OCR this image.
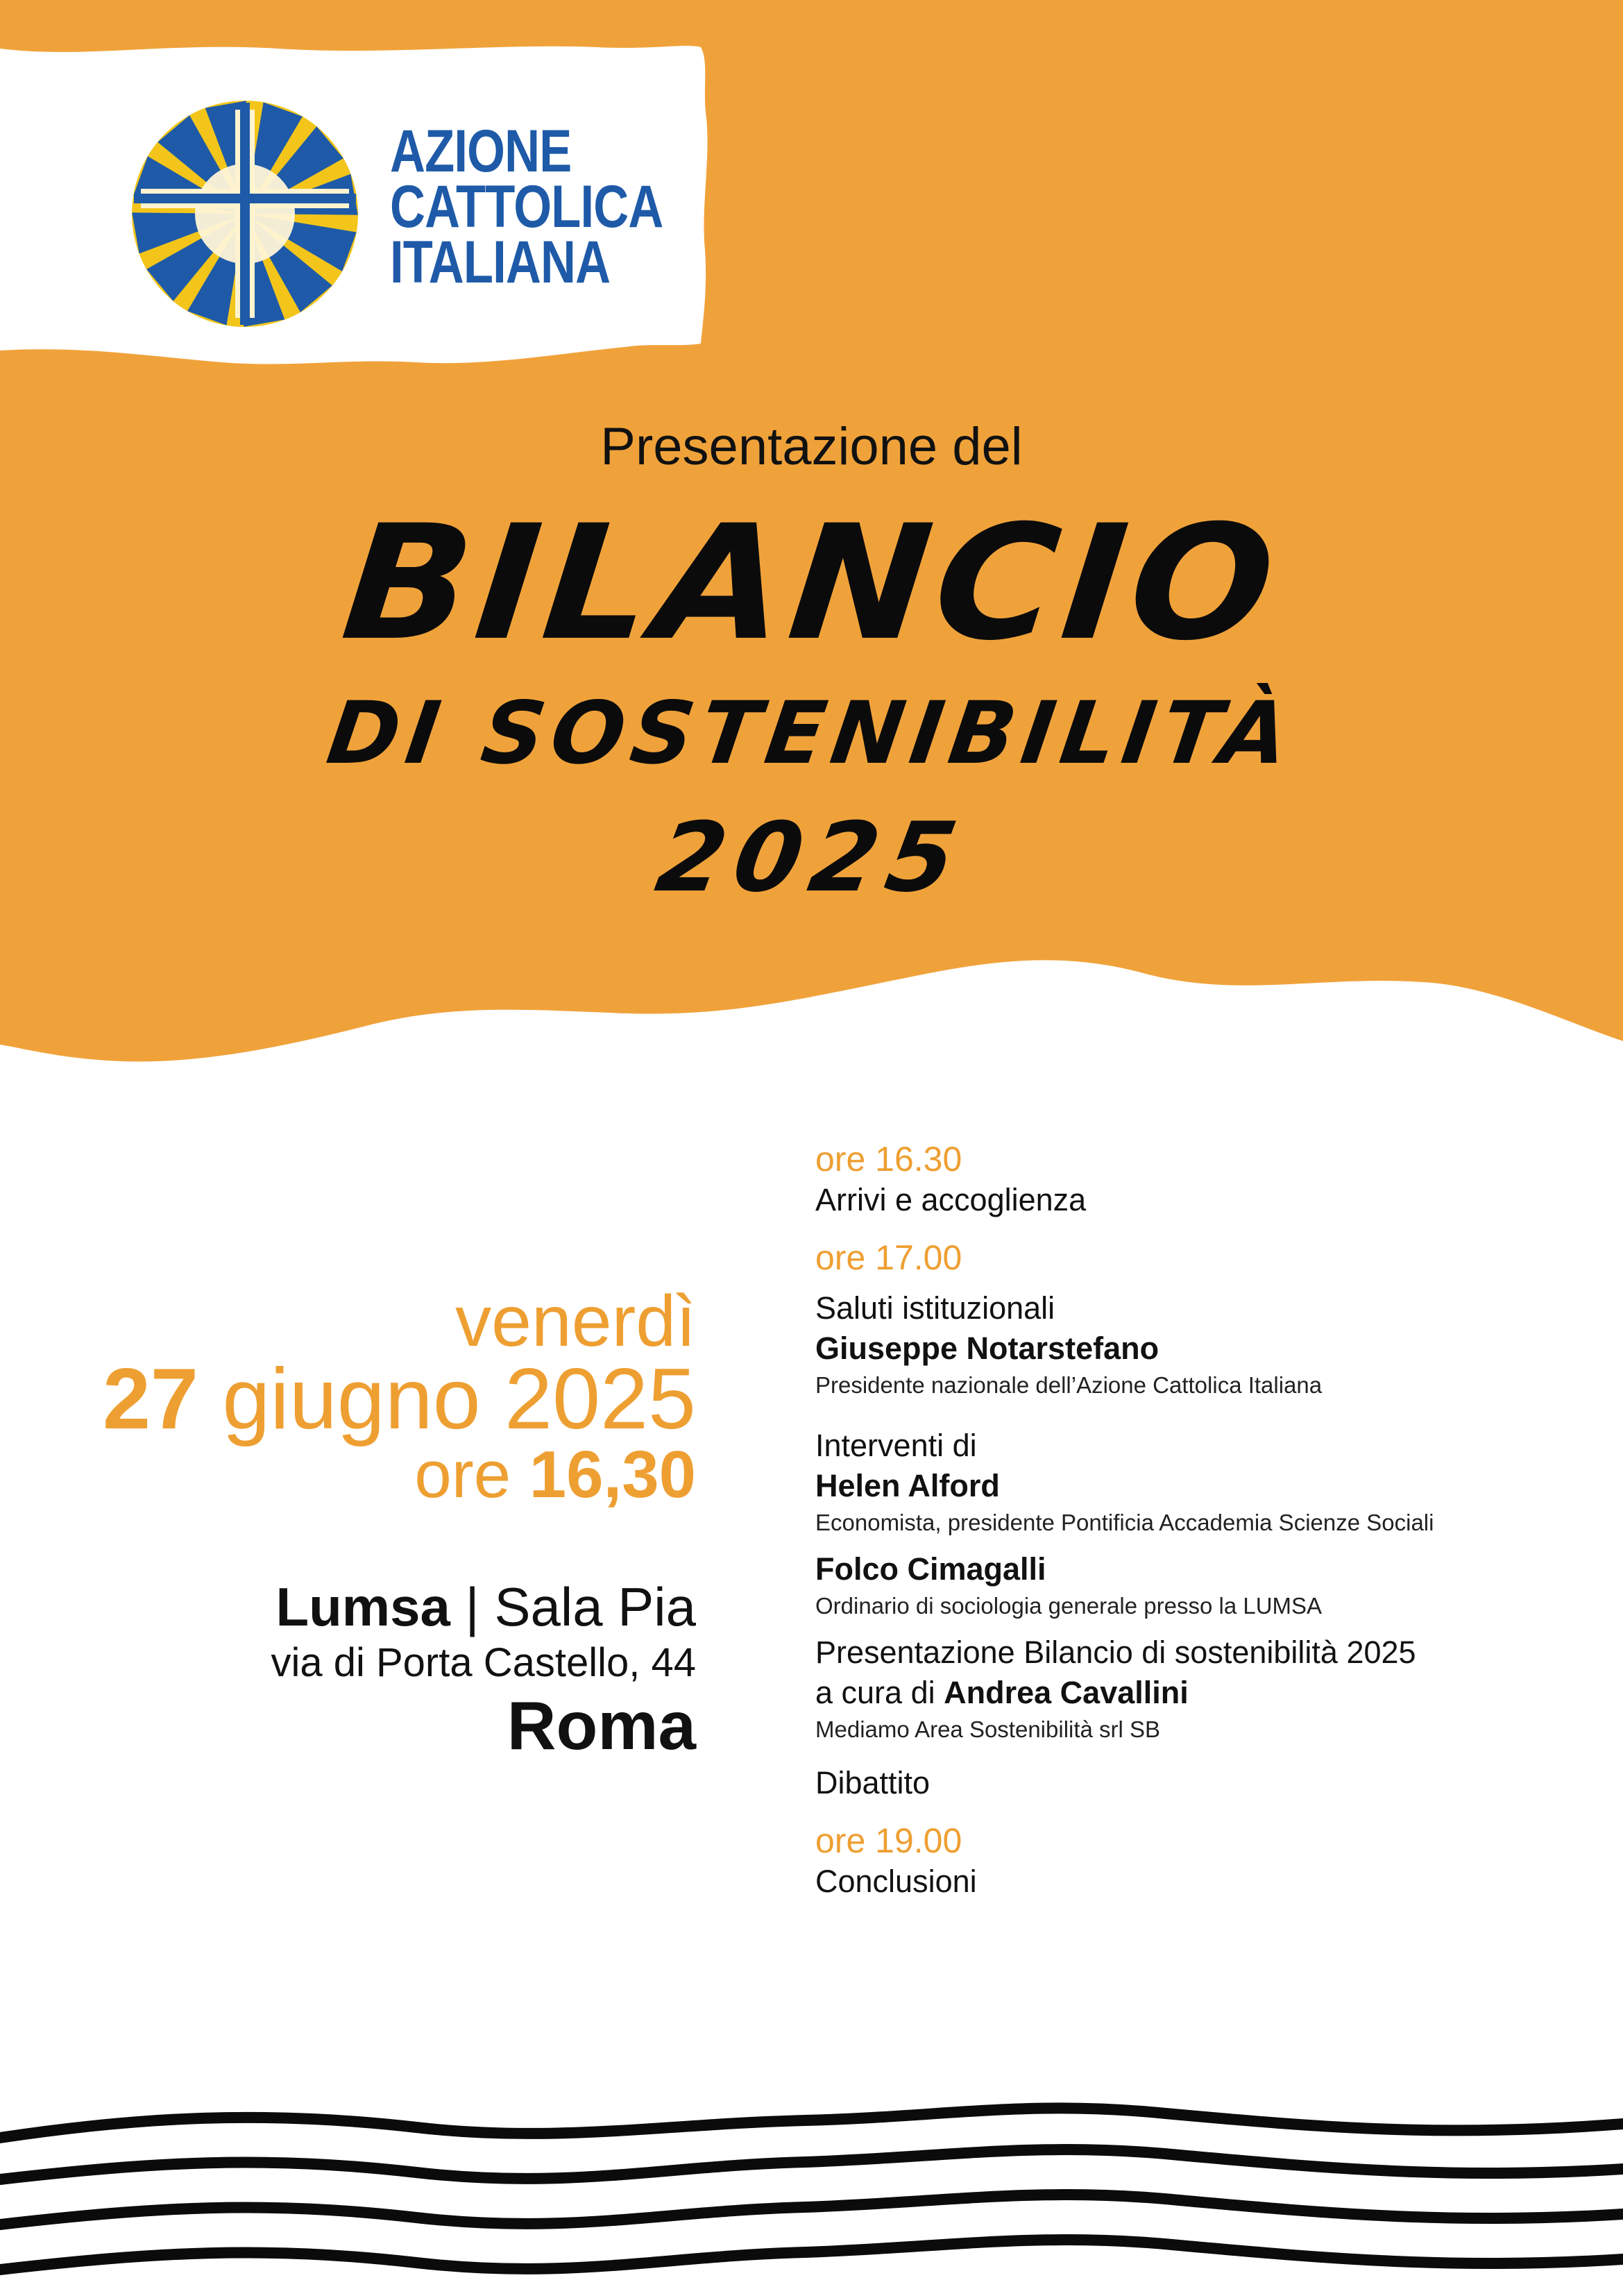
AZIONE
CATTOLICA
ITALIANA
Presentazione del
BILANCIO
DI SOSTENIBILITÀ
2025
venerdì
27 giugno 2025
ore 16,30
Lumsa | Sala Pia
via di Porta Castello, 44
Roma
ore 16.30
Arrivi e accoglienza
ore 17.00
Saluti istituzionali
Giuseppe Notarstefano
Presidente nazionale dell’Azione Cattolica Italiana
Interventi di
Helen Alford
Economista, presidente Pontificia Accademia Scienze Sociali
Folco Cimagalli
Ordinario di sociologia generale presso la LUMSA
Presentazione Bilancio di sostenibilità 2025
a cura di Andrea Cavallini
Mediamo Area Sostenibilità srl SB
Dibattito
ore 19.00
Conclusioni
